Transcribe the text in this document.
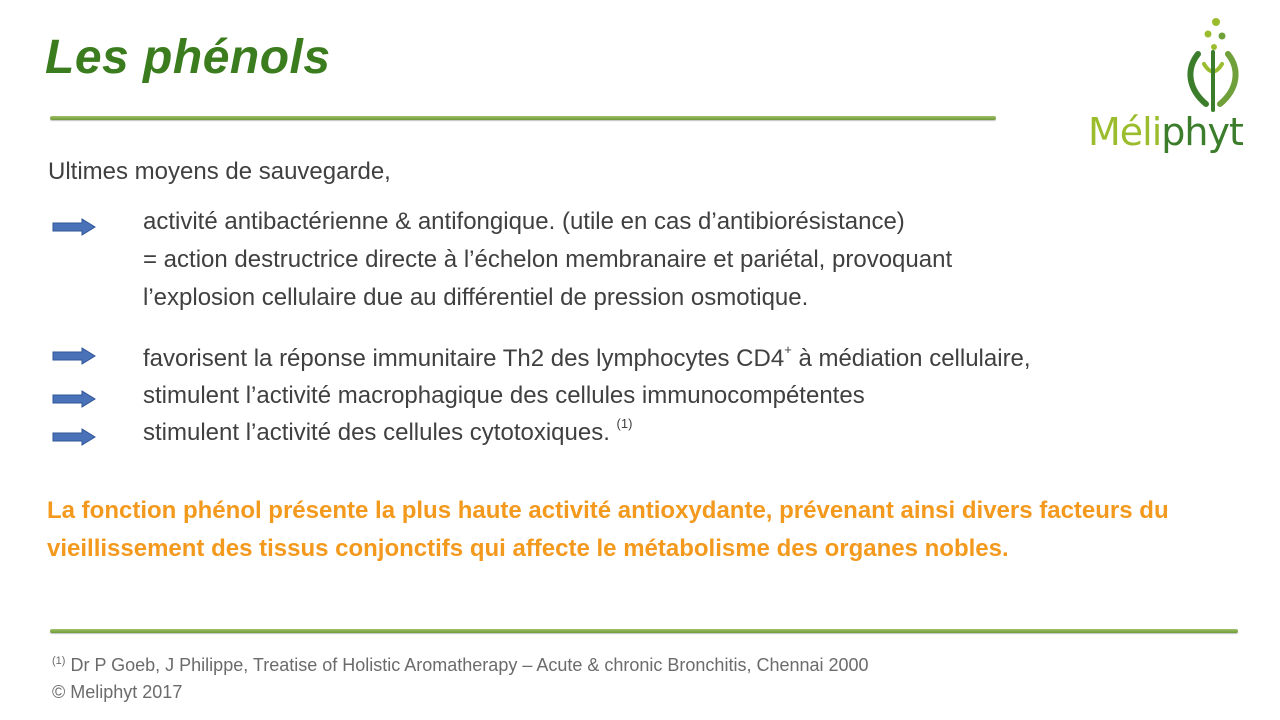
Les phénols
Méliphyt
Ultimes moyens de sauvegarde,
activité antibactérienne & antifongique. (utile en cas d’antibiorésistance)
= action destructrice directe à l’échelon membranaire et pariétal, provoquant
l’explosion cellulaire due au différentiel de pression osmotique.
favorisent la réponse immunitaire Th2 des lymphocytes CD4+ à médiation cellulaire,
stimulent l’activité macrophagique des cellules immunocompétentes
stimulent l’activité des cellules cytotoxiques. $^{(1)}$
La fonction phénol présente la plus haute activité antioxydante, prévenant ainsi divers facteurs du vieillissement des tissus conjonctifs qui affecte le métabolisme des organes nobles.
$^{(1)}$ Dr P Goeb, J Philippe, Treatise of Holistic Aromatherapy – Acute & chronic Bronchitis, Chennai 2000
© Meliphyt 2017
